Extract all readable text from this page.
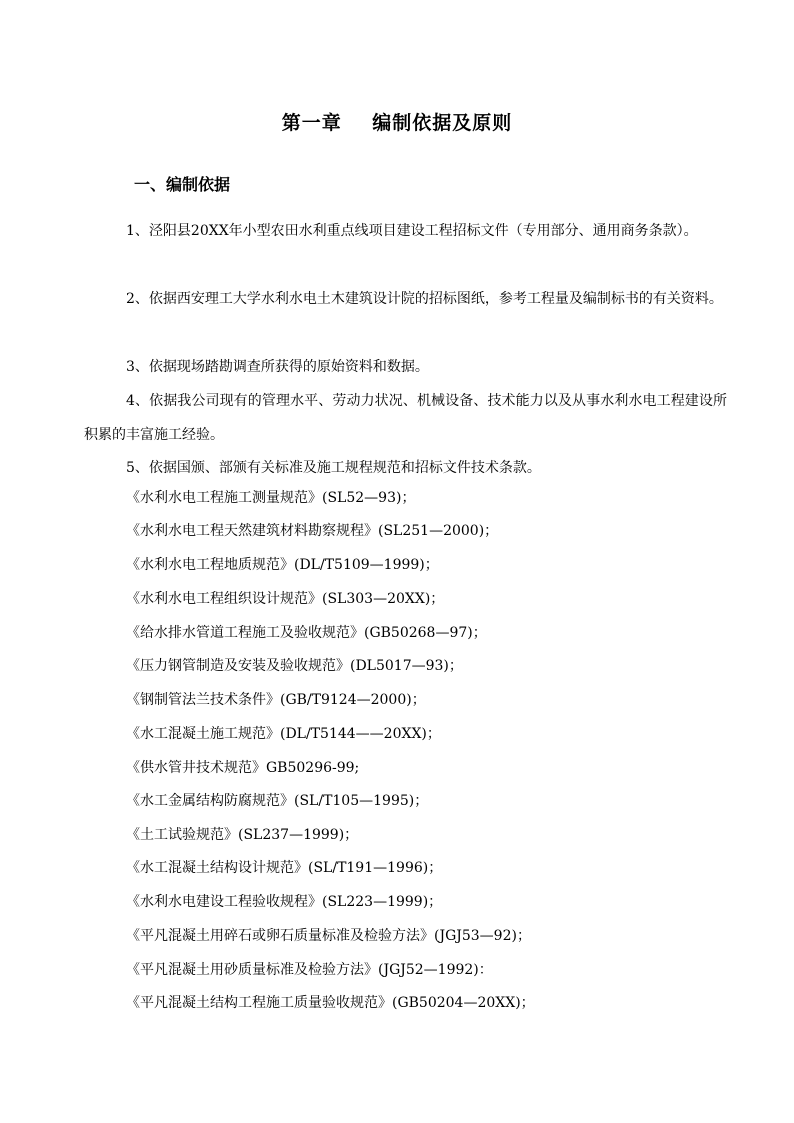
第一章    编制依据及原则
一、编制依据

1、泾阳县20XX年小型农田水利重点线项目建设工程招标文件（专用部分、通用商务条款）。

2、依据西安理工大学水利水电土木建筑设计院的招标图纸，参考工程量及编制标书的有关资料。

3、依据现场踏勘调查所获得的原始资料和数据。

4、依据我公司现有的管理水平、劳动力状况、机械设备、技术能力以及从事水利水电工程建设所积累的丰富施工经验。

5、依据国颁、部颁有关标准及施工规程规范和招标文件技术条款。

《水利水电工程施工测量规范》(SL52—93)；
《水利水电工程天然建筑材料勘察规程》(SL251—2000)；
《水利水电工程地质规范》(DL/T5109—1999)；
《水利水电工程组织设计规范》(SL303—20XX)；
《给水排水管道工程施工及验收规范》(GB50268—97)；
《压力钢管制造及安装及验收规范》(DL5017—93)；
《钢制管法兰技术条件》(GB/T9124—2000)；
《水工混凝土施工规范》(DL/T5144——20XX)；
《供水管井技术规范》GB50296-99;
《水工金属结构防腐规范》(SL/T105—1995)；
《土工试验规范》(SL237—1999)；
《水工混凝土结构设计规范》(SL/T191—1996)；
《水利水电建设工程验收规程》(SL223—1999)；
《平凡混凝土用碎石或卵石质量标准及检验方法》(JGJ53—92)；
《平凡混凝土用砂质量标准及检验方法》(JGJ52—1992)：
《平凡混凝土结构工程施工质量验收规范》(GB50204—20XX)；
